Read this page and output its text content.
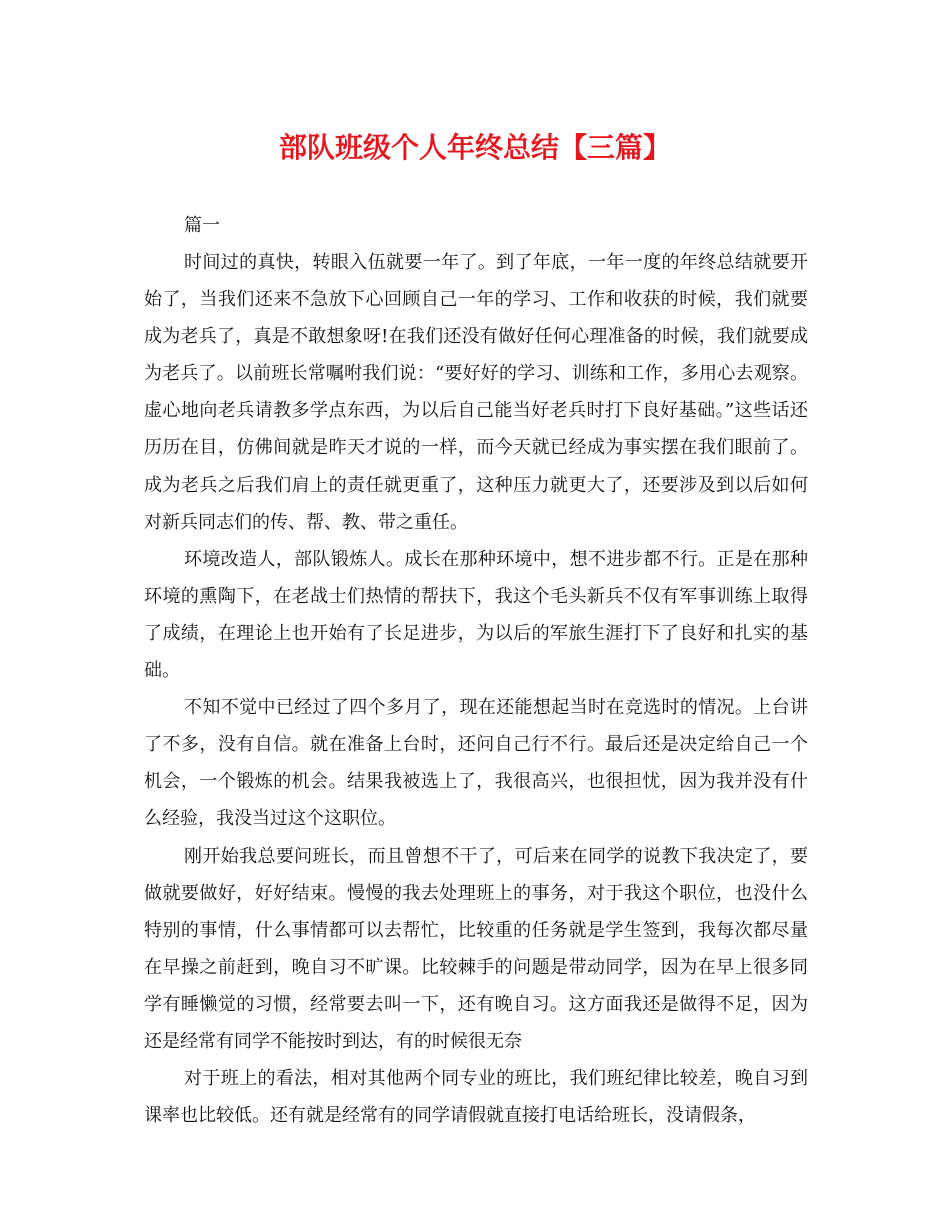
部队班级个人年终总结【三篇】

篇一

时间过的真快，转眼入伍就要一年了。到了年底，一年一度的年终总结就要开始了，当我们还来不急放下心回顾自己一年的学习、工作和收获的时候，我们就要成为老兵了，真是不敢想象呀!在我们还没有做好任何心理准备的时候，我们就要成为老兵了。以前班长常嘱咐我们说：“要好好的学习、训练和工作，多用心去观察。虚心地向老兵请教多学点东西，为以后自己能当好老兵时打下良好基础。”这些话还历历在目，仿佛间就是昨天才说的一样，而今天就已经成为事实摆在我们眼前了。成为老兵之后我们肩上的责任就更重了，这种压力就更大了，还要涉及到以后如何对新兵同志们的传、帮、教、带之重任。

环境改造人，部队锻炼人。成长在那种环境中，想不进步都不行。正是在那种环境的熏陶下，在老战士们热情的帮扶下，我这个毛头新兵不仅有军事训练上取得了成绩，在理论上也开始有了长足进步，为以后的军旅生涯打下了良好和扎实的基础。

不知不觉中已经过了四个多月了，现在还能想起当时在竞选时的情况。上台讲了不多，没有自信。就在准备上台时，还问自己行不行。最后还是决定给自己一个机会，一个锻炼的机会。结果我被选上了，我很高兴，也很担忧，因为我并没有什么经验，我没当过这个这职位。

刚开始我总要问班长，而且曾想不干了，可后来在同学的说教下我决定了，要做就要做好，好好结束。慢慢的我去处理班上的事务，对于我这个职位，也没什么特别的事情，什么事情都可以去帮忙，比较重的任务就是学生签到，我每次都尽量在早操之前赶到，晚自习不旷课。比较棘手的问题是带动同学，因为在早上很多同学有睡懒觉的习惯，经常要去叫一下，还有晚自习。这方面我还是做得不足，因为还是经常有同学不能按时到达，有的时候很无奈

对于班上的看法，相对其他两个同专业的班比，我们班纪律比较差，晚自习到课率也比较低。还有就是经常有的同学请假就直接打电话给班长，没请假条，
